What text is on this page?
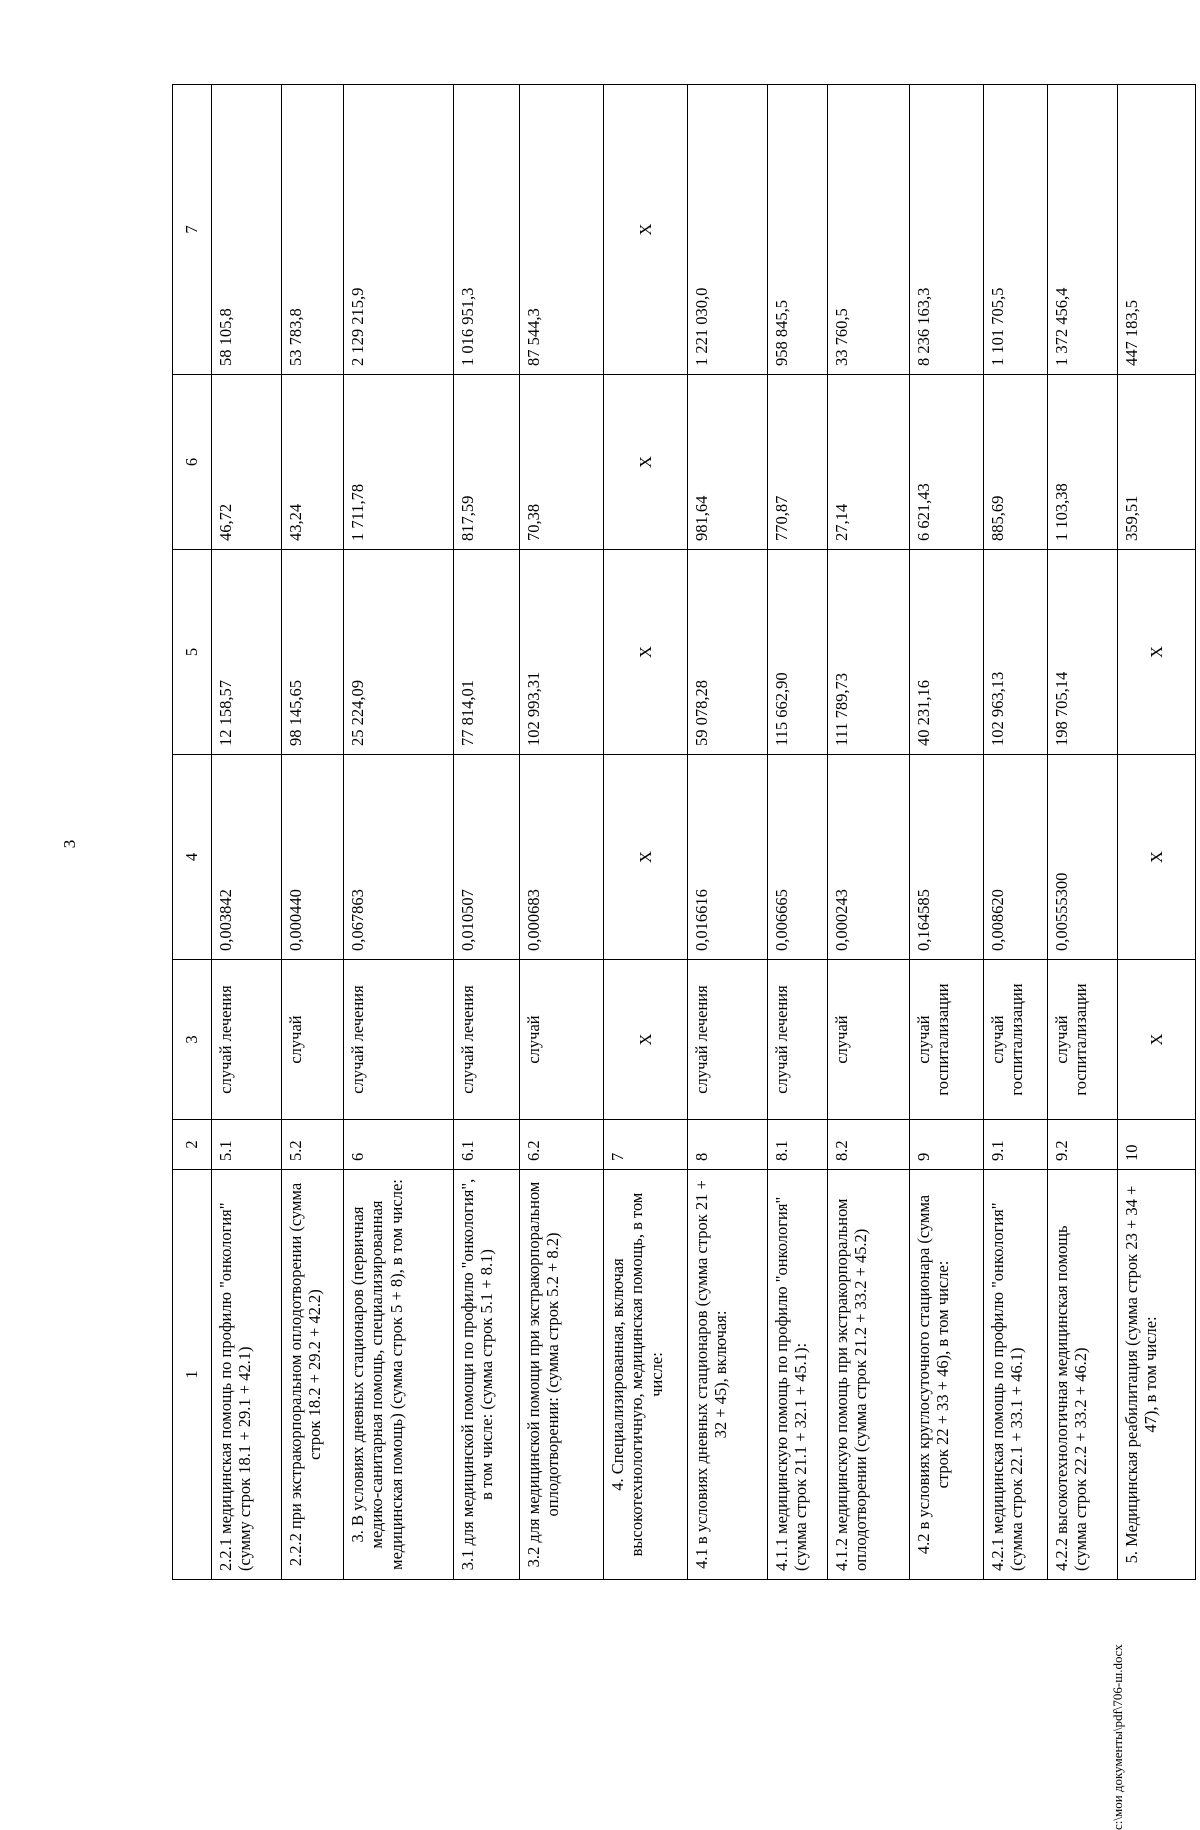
3
1	2	3	4	5	6	7
2.2.1 медицинская помощь по профилю "онкология" (сумму строк 18.1 + 29.1 + 42.1)	5.1	случай лечения	0,003842	12 158,57	46,72	58 105,8
2.2.2 при экстракорпоральном оплодотворении (сумма строк 18.2 + 29.2 + 42.2)	5.2	случай	0,000440	98 145,65	43,24	53 783,8
3. В условиях дневных стационаров (первичная медико-санитарная помощь, специализированная медицинская помощь) (сумма строк 5 + 8), в том числе:	6	случай лечения	0,067863	25 224,09	1 711,78	2 129 215,9
3.1 для медицинской помощи по профилю "онкология", в том числе: (сумма строк 5.1 + 8.1)	6.1	случай лечения	0,010507	77 814,01	817,59	1 016 951,3
3.2 для медицинской помощи при экстракорпоральном оплодотворении: (сумма строк 5.2 + 8.2)	6.2	случай	0,000683	102 993,31	70,38	87 544,3
4. Специализированная, включая высокотехнологичную, медицинская помощь, в том числе:	7	X	X	X	X	X
4.1 в условиях дневных стационаров (сумма строк 21 + 32 + 45), включая:	8	случай лечения	0,016616	59 078,28	981,64	1 221 030,0
4.1.1 медицинскую помощь по профилю "онкология" (сумма строк 21.1 + 32.1 + 45.1):	8.1	случай лечения	0,006665	115 662,90	770,87	958 845,5
4.1.2 медицинскую помощь при экстракорпоральном оплодотворении (сумма строк 21.2 + 33.2 + 45.2)	8.2	случай	0,000243	111 789,73	27,14	33 760,5
4.2 в условиях круглосуточного стационара (сумма строк 22 + 33 + 46), в том числе:	9	случай госпитализации	0,164585	40 231,16	6 621,43	8 236 163,3
4.2.1 медицинская помощь по профилю "онкология" (сумма строк 22.1 + 33.1 + 46.1)	9.1	случай госпитализации	0,008620	102 963,13	885,69	1 101 705,5
4.2.2 высокотехнологичная медицинская помощь (сумма строк 22.2 + 33.2 + 46.2)	9.2	случай госпитализации	0,00555300	198 705,14	1 103,38	1 372 456,4
5. Медицинская реабилитация (сумма строк 23 + 34 + 47), в том числе:	10	X	X	X	359,51	447 183,5
c:\мои документы\pdf\706-ш.docx
